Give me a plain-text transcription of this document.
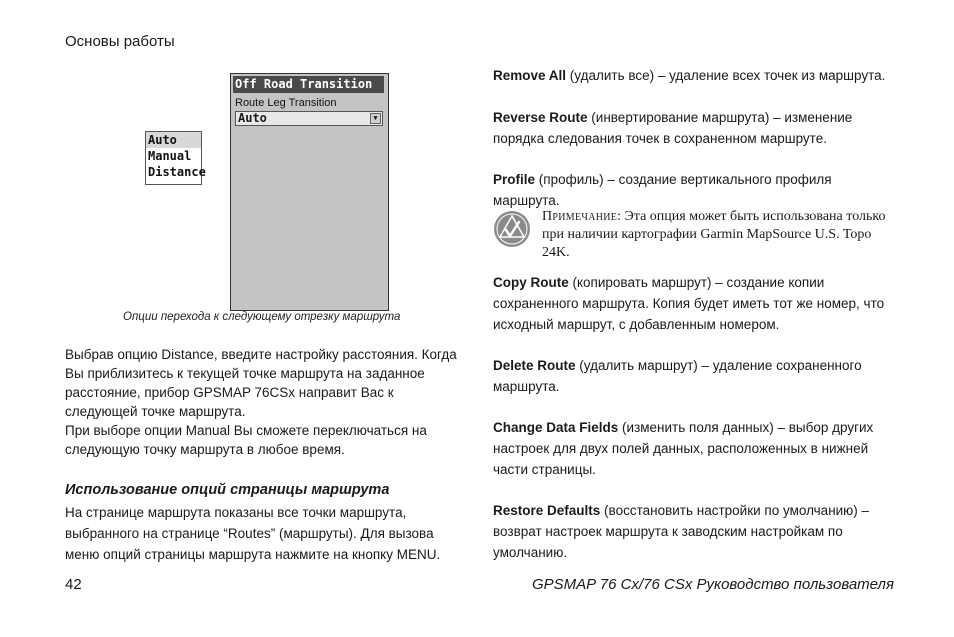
Основы работы
Off Road Transition
Route Leg Transition
Auto	▼
Auto
Manual
Distance
Опции перехода к следующему отрезку маршрута

Выбрав опцию Distance, введите настройку расстояния. Когда Вы приблизитесь к текущей точке маршрута на заданное расстояние, прибор GPSMAP 76CSx направит Вас к следующей точке маршрута.

При выборе опции Manual Вы сможете переключаться на следующую точку маршрута в любое время.

Использование опций страницы маршрута
На странице маршрута показаны все точки маршрута, выбранного на странице “Routes” (маршруты). Для вызова меню опций страницы маршрута нажмите на кнопку MENU.

Remove All (удалить все) – удаление всех точек из маршрута.

Reverse Route (инвертирование маршрута) – изменение порядка следования точек в сохраненном маршруте.

Profile (профиль) – создание вертикального профиля маршрута.

Примечание: Эта опция может быть использована только при наличии картографии Garmin MapSource U.S. Topo 24K.

Copy Route (копировать маршрут) – создание копии сохраненного маршрута. Копия будет иметь тот же номер, что исходный маршрут, с добавленным номером.

Delete Route (удалить маршрут) – удаление сохраненного маршрута.

Change Data Fields (изменить поля данных) – выбор других настроек для двух полей данных, расположенных в нижней части страницы.

Restore Defaults (восстановить настройки по умолчанию) – возврат настроек маршрута к заводским настройкам по умолчанию.

42	GPSMAP 76 Cx/76 CSx Руководство пользователя
